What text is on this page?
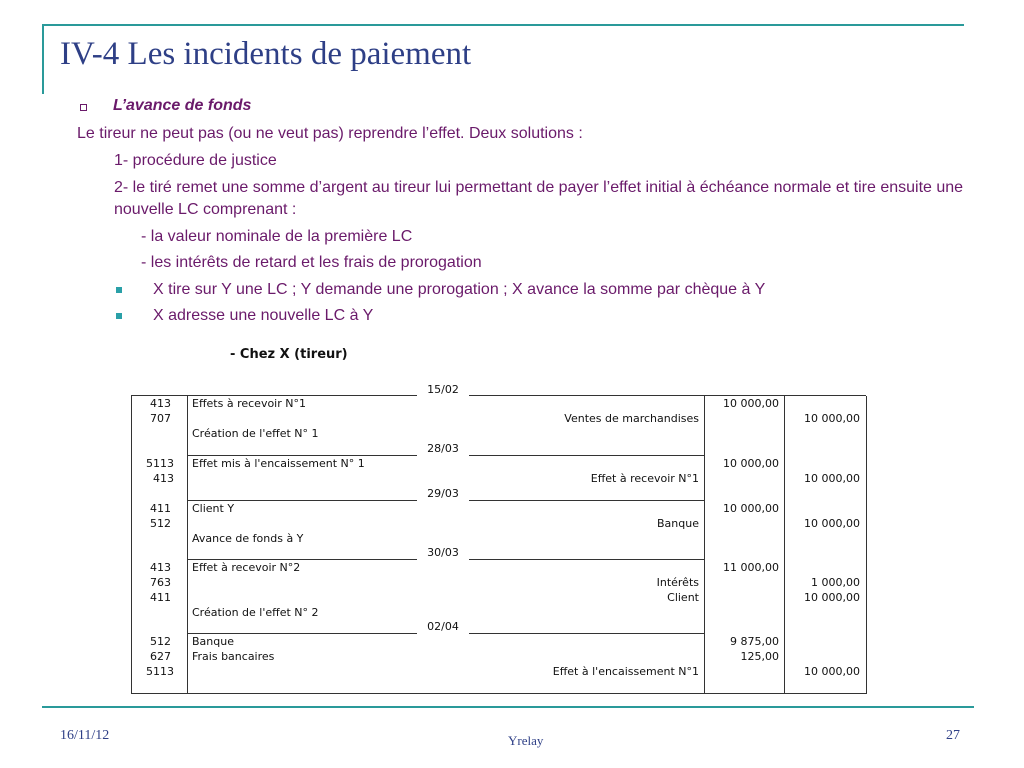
IV-4 Les incidents de paiement
L’avance de fonds
Le tireur ne peut pas (ou ne veut pas) reprendre l’effet. Deux solutions :
1- procédure de justice
2- le tiré remet une somme d’argent au tireur lui permettant de payer l’effet initial à échéance normale et tire ensuite une nouvelle LC comprenant :
- la valeur nominale de la première LC
- les intérêts de retard et les frais de prorogation
X tire sur Y une LC ; Y demande une prorogation ; X avance la somme par chèque à Y
X adresse une nouvelle LC à Y
- Chez X (tireur)
15/02
28/03
29/03
30/03
02/04
413
707
Effets à recevoir N°1
Ventes de marchandises
Création de l'effet N° 1
10 000,00
10 000,00
5113
413
Effet mis à l'encaissement N° 1
Effet à recevoir N°1
10 000,00
10 000,00
411
512
Client Y
Banque
Avance de fonds à Y
10 000,00
10 000,00
413
763
411
Effet à recevoir N°2
Intérêts
Client
Création de l'effet N° 2
11 000,00
1 000,00
10 000,00
512
627
5113
Banque
Frais bancaires
Effet à l'encaissement N°1
9 875,00
125,00
10 000,00
16/11/12	Yrelay	27
